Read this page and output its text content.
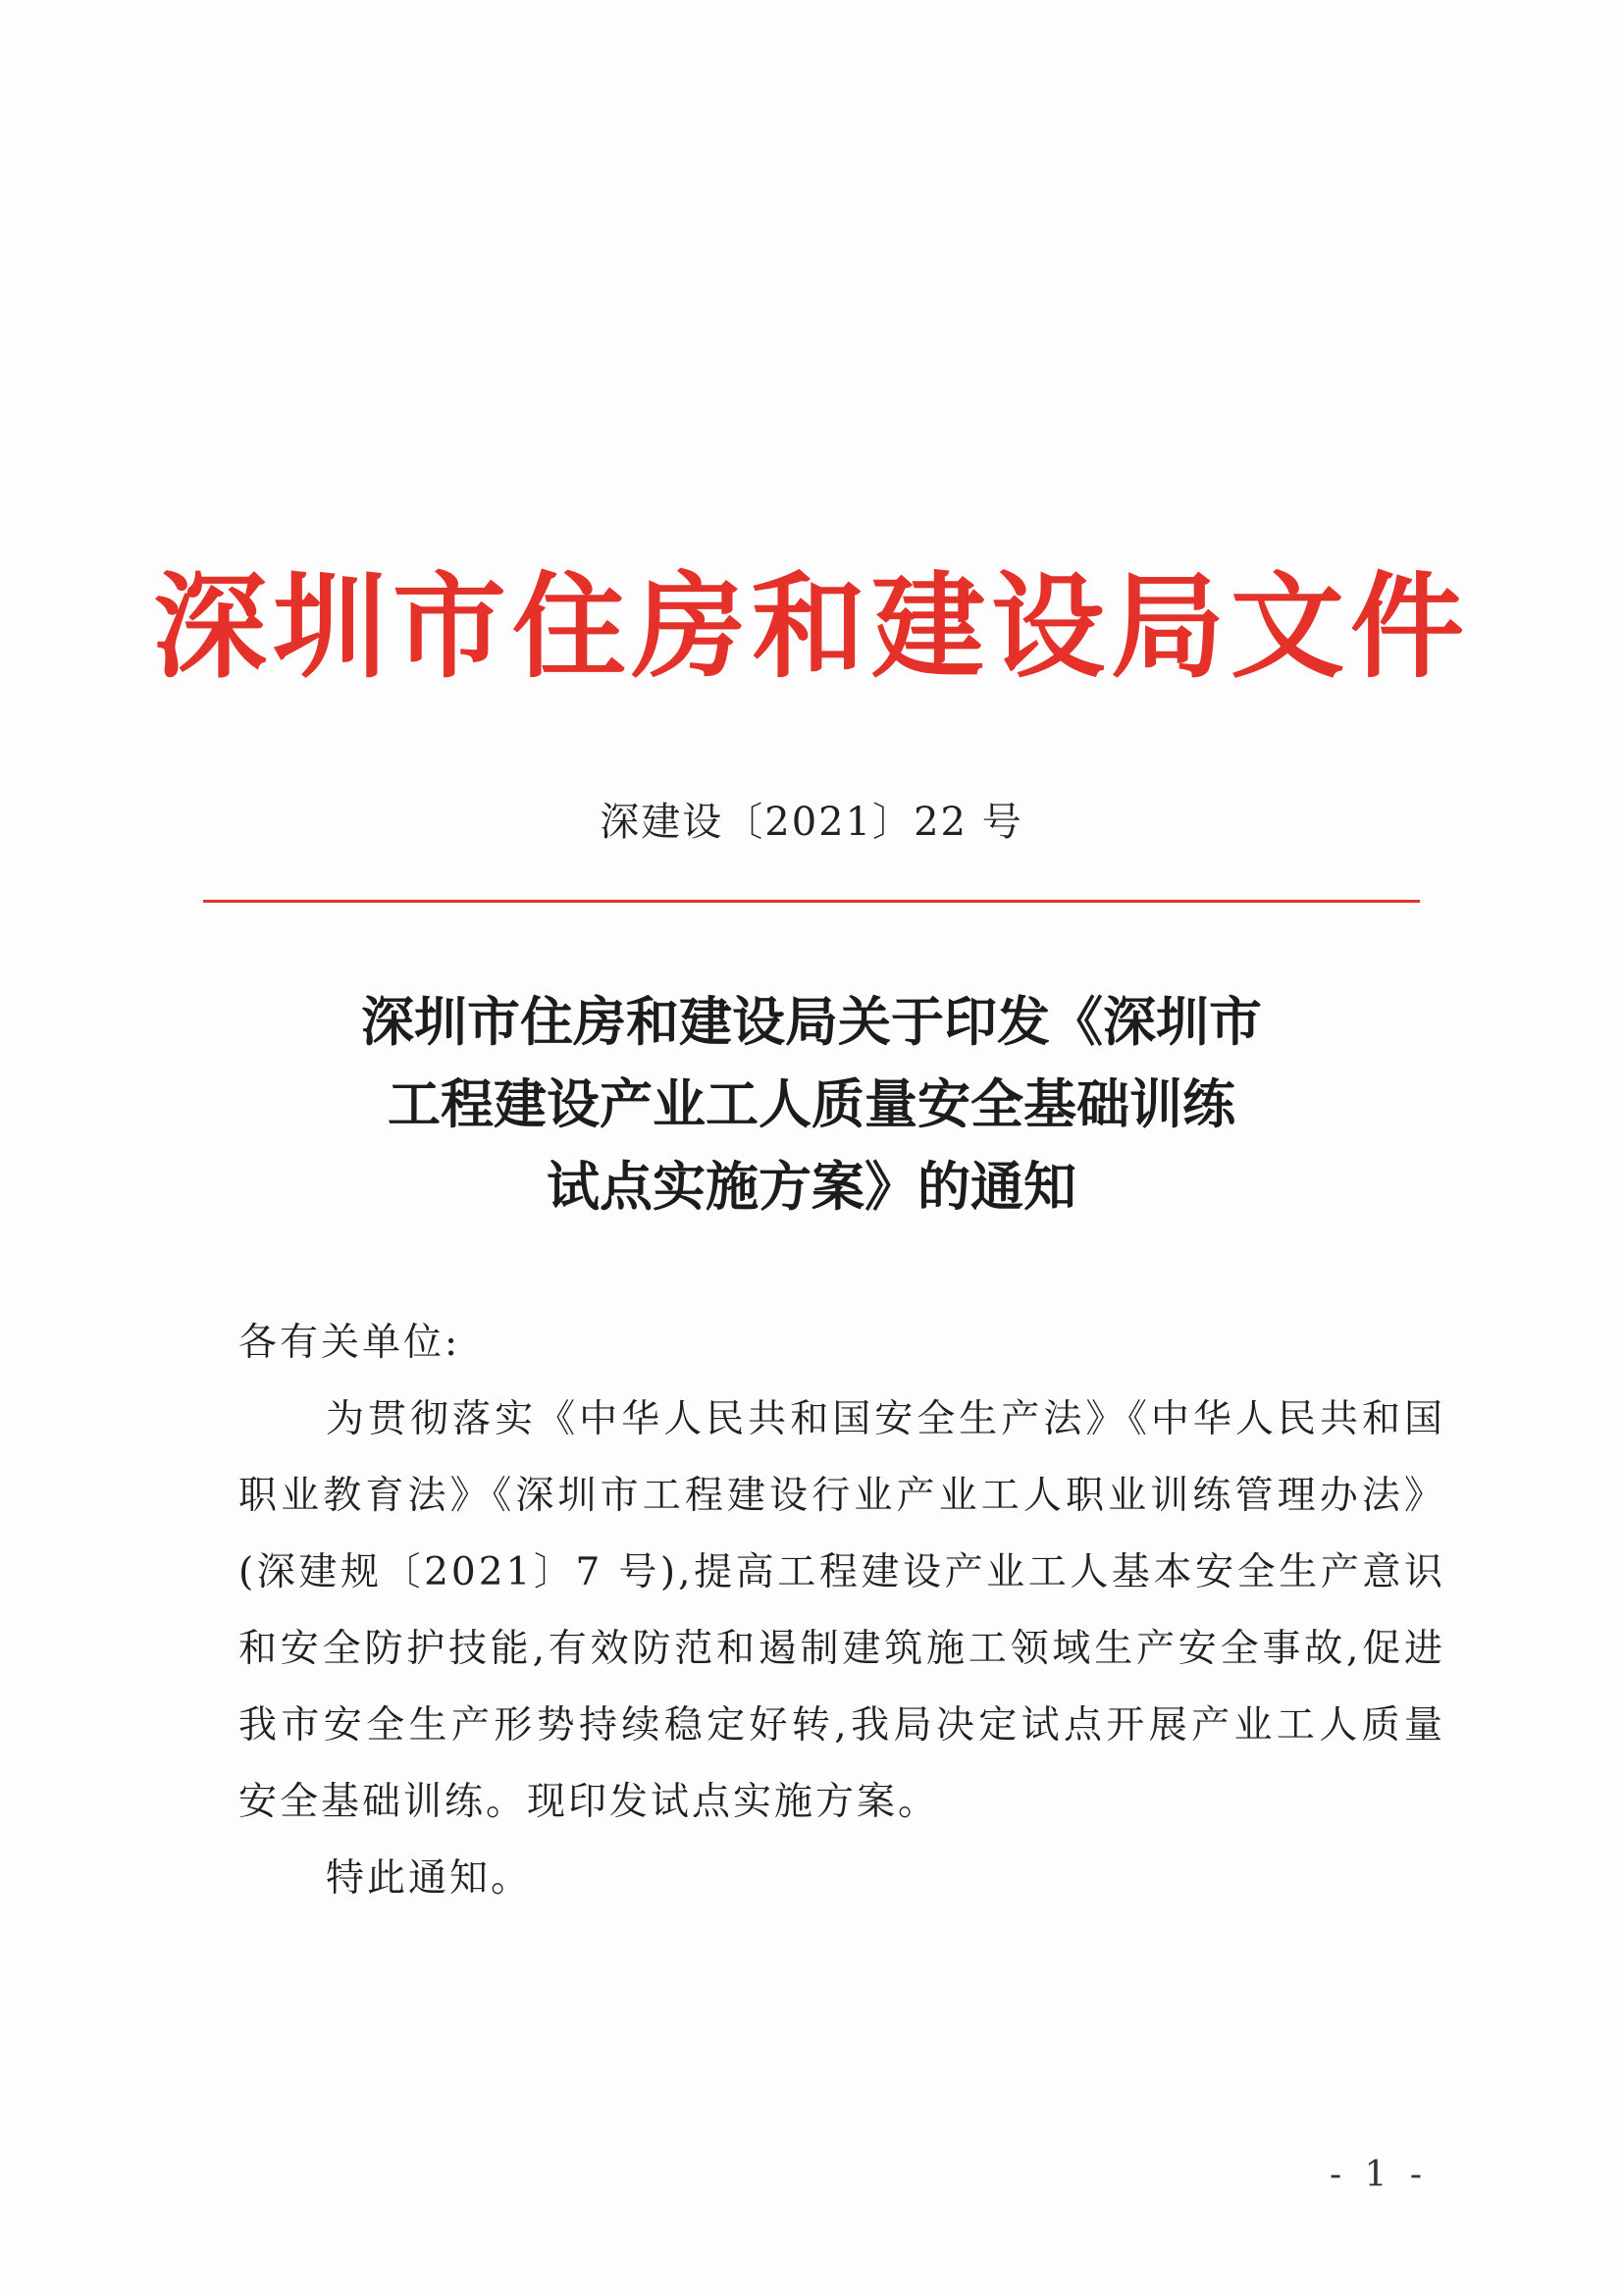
深圳市住房和建设局文件
深建设〔2021〕22 号
深圳市住房和建设局关于印发《深圳市
工程建设产业工人质量安全基础训练
试点实施方案》的通知
各有关单位:

为贯彻落实《中华人民共和国安全生产法》《中华人民共和国职业教育法》《深圳市工程建设行业产业工人职业训练管理办法》(深建规〔2021〕7 号),提高工程建设产业工人基本安全生产意识和安全防护技能,有效防范和遏制建筑施工领域生产安全事故,促进我市安全生产形势持续稳定好转,我局决定试点开展产业工人质量安全基础训练。现印发试点实施方案。

特此通知。
- 1 -
